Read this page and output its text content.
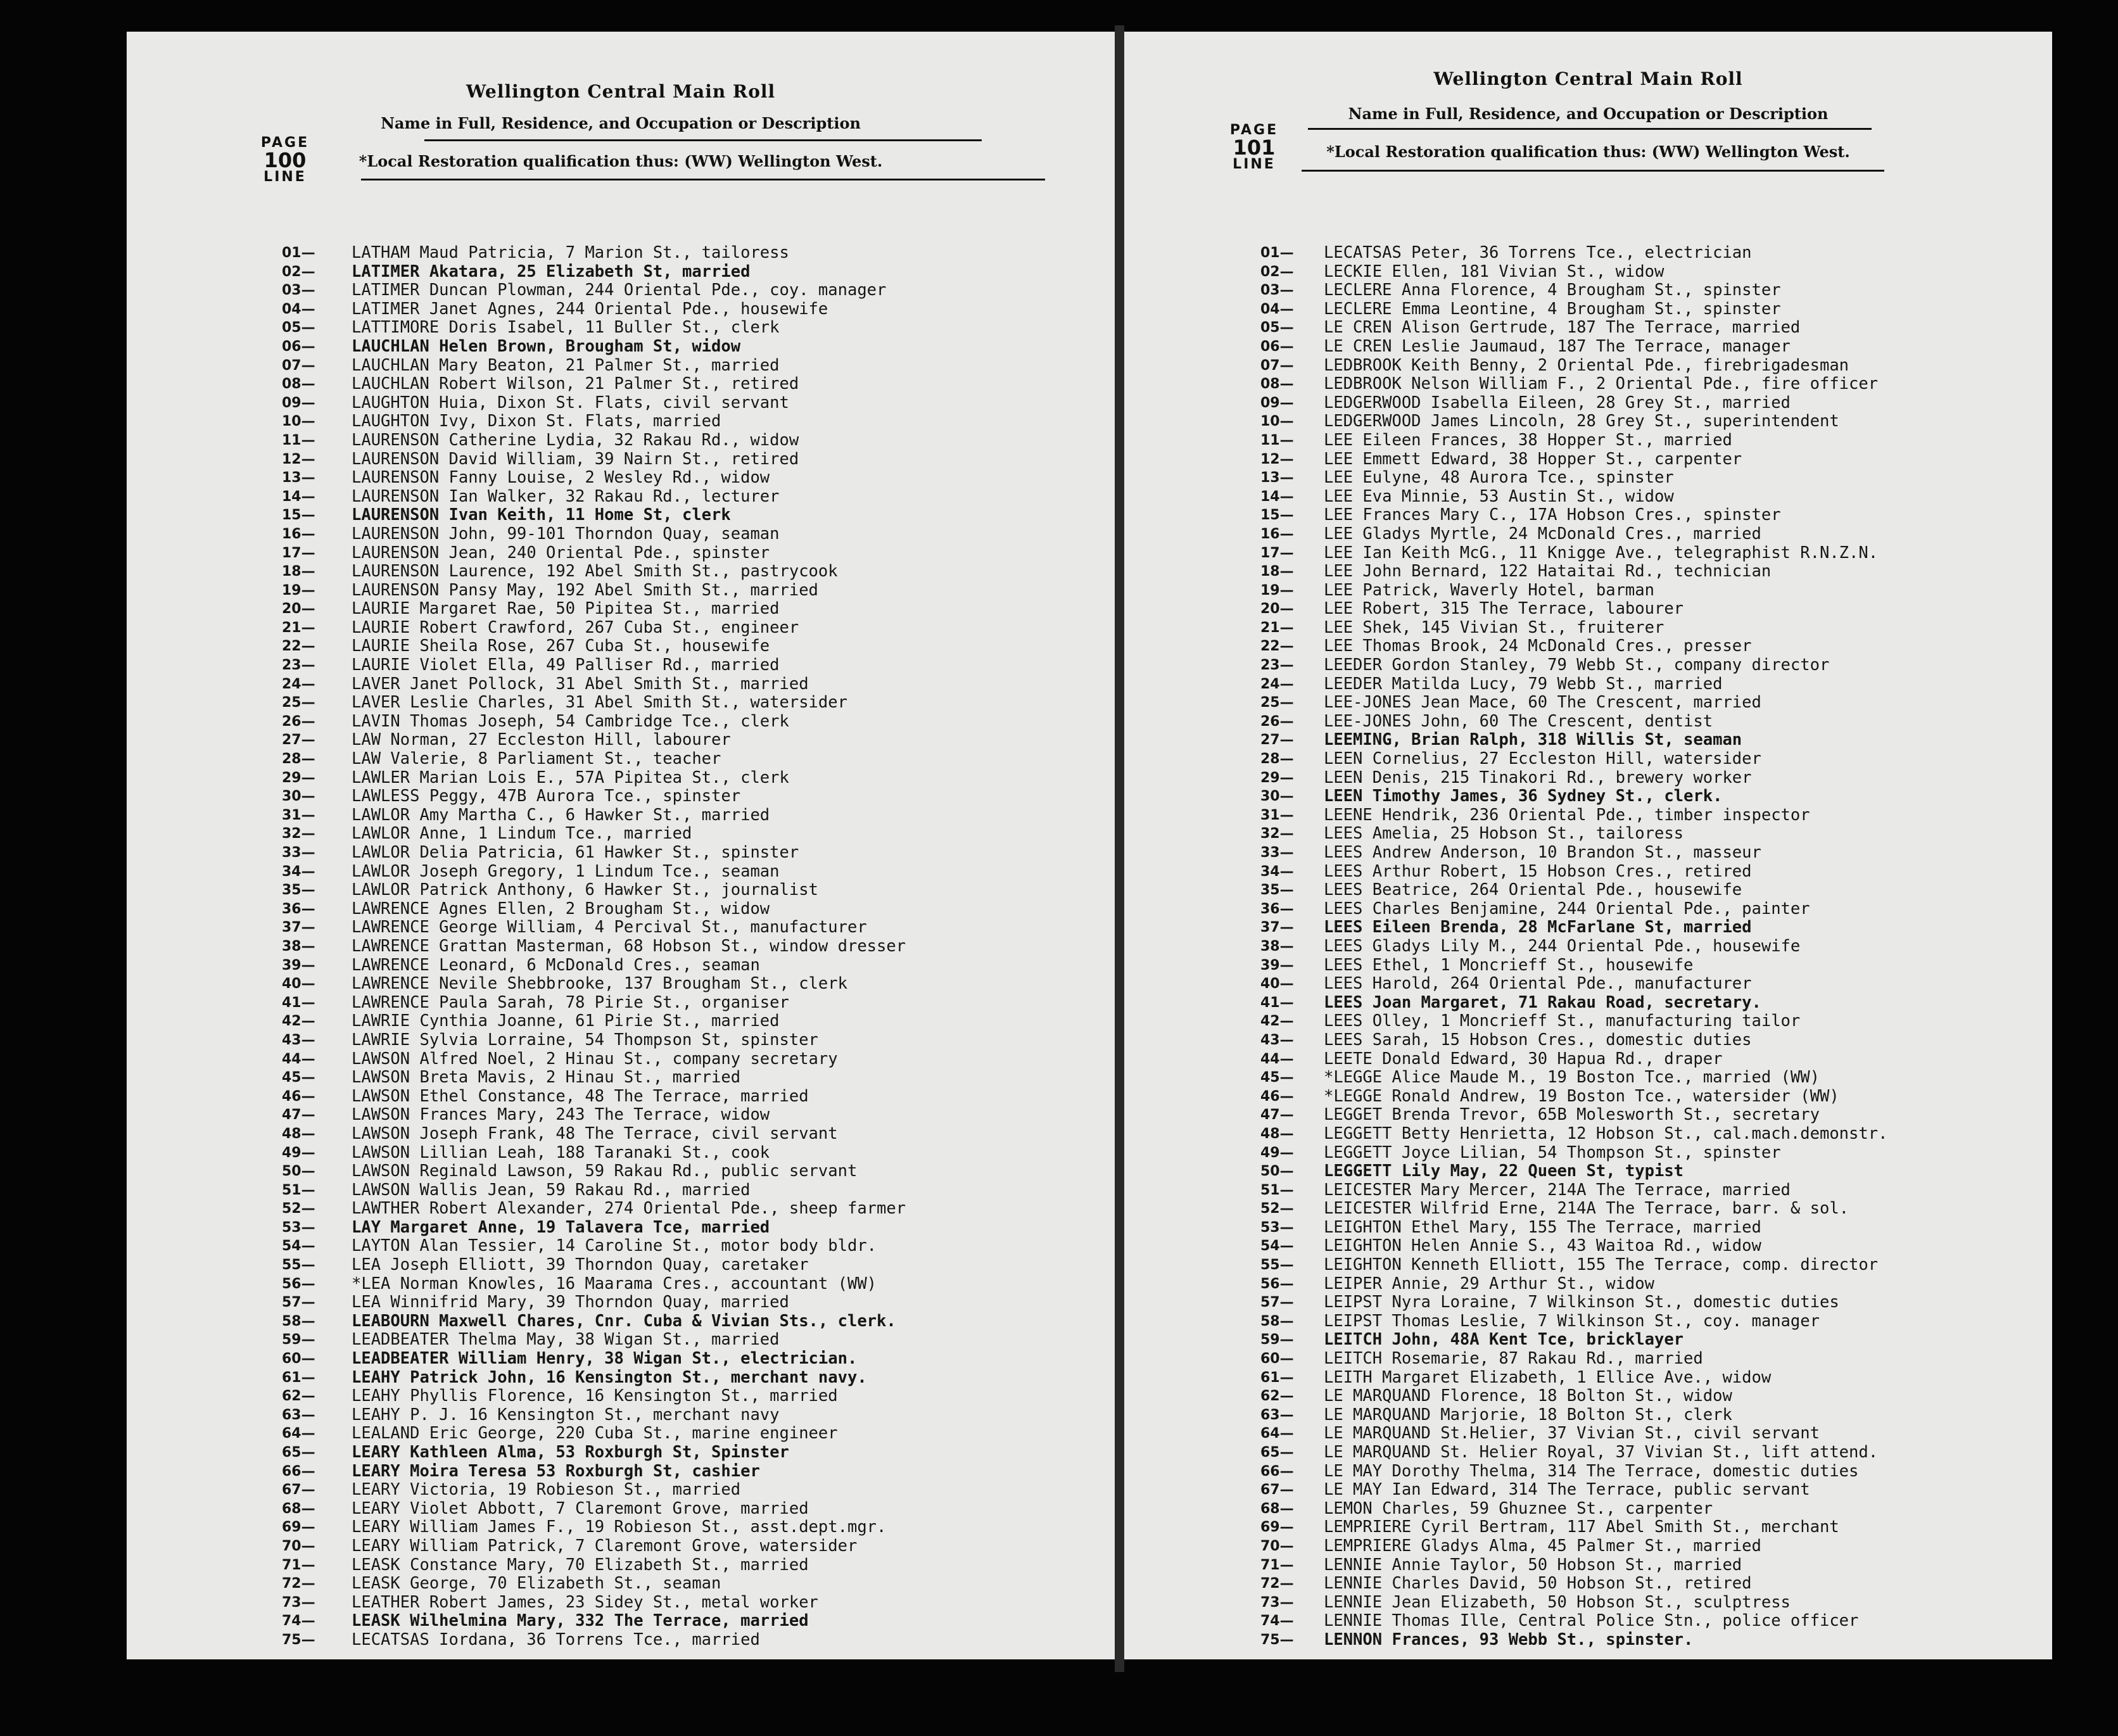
Wellington Central Main Roll
Name in Full, Residence, and Occupation or Description
*Local Restoration qualification thus: (WW) Wellington West.
PAGE
100
LINE
01— LATHAM Maud Patricia, 7 Marion St., tailoress
02— LATIMER Akatara, 25 Elizabeth St, married
03— LATIMER Duncan Plowman, 244 Oriental Pde., coy. manager
04— LATIMER Janet Agnes, 244 Oriental Pde., housewife
05— LATTIMORE Doris Isabel, 11 Buller St., clerk
06— LAUCHLAN Helen Brown, Brougham St, widow
07— LAUCHLAN Mary Beaton, 21 Palmer St., married
08— LAUCHLAN Robert Wilson, 21 Palmer St., retired
09— LAUGHTON Huia, Dixon St. Flats, civil servant
10— LAUGHTON Ivy, Dixon St. Flats, married
11— LAURENSON Catherine Lydia, 32 Rakau Rd., widow
12— LAURENSON David William, 39 Nairn St., retired
13— LAURENSON Fanny Louise, 2 Wesley Rd., widow
14— LAURENSON Ian Walker, 32 Rakau Rd., lecturer
15— LAURENSON Ivan Keith, 11 Home St, clerk
16— LAURENSON John, 99-101 Thorndon Quay, seaman
17— LAURENSON Jean, 240 Oriental Pde., spinster
18— LAURENSON Laurence, 192 Abel Smith St., pastrycook
19— LAURENSON Pansy May, 192 Abel Smith St., married
20— LAURIE Margaret Rae, 50 Pipitea St., married
21— LAURIE Robert Crawford, 267 Cuba St., engineer
22— LAURIE Sheila Rose, 267 Cuba St., housewife
23— LAURIE Violet Ella, 49 Palliser Rd., married
24— LAVER Janet Pollock, 31 Abel Smith St., married
25— LAVER Leslie Charles, 31 Abel Smith St., watersider
26— LAVIN Thomas Joseph, 54 Cambridge Tce., clerk
27— LAW Norman, 27 Eccleston Hill, labourer
28— LAW Valerie, 8 Parliament St., teacher
29— LAWLER Marian Lois E., 57A Pipitea St., clerk
30— LAWLESS Peggy, 47B Aurora Tce., spinster
31— LAWLOR Amy Martha C., 6 Hawker St., married
32— LAWLOR Anne, 1 Lindum Tce., married
33— LAWLOR Delia Patricia, 61 Hawker St., spinster
34— LAWLOR Joseph Gregory, 1 Lindum Tce., seaman
35— LAWLOR Patrick Anthony, 6 Hawker St., journalist
36— LAWRENCE Agnes Ellen, 2 Brougham St., widow
37— LAWRENCE George William, 4 Percival St., manufacturer
38— LAWRENCE Grattan Masterman, 68 Hobson St., window dresser
39— LAWRENCE Leonard, 6 McDonald Cres., seaman
40— LAWRENCE Nevile Shebbrooke, 137 Brougham St., clerk
41— LAWRENCE Paula Sarah, 78 Pirie St., organiser
42— LAWRIE Cynthia Joanne, 61 Pirie St., married
43— LAWRIE Sylvia Lorraine, 54 Thompson St, spinster
44— LAWSON Alfred Noel, 2 Hinau St., company secretary
45— LAWSON Breta Mavis, 2 Hinau St., married
46— LAWSON Ethel Constance, 48 The Terrace, married
47— LAWSON Frances Mary, 243 The Terrace, widow
48— LAWSON Joseph Frank, 48 The Terrace, civil servant
49— LAWSON Lillian Leah, 188 Taranaki St., cook
50— LAWSON Reginald Lawson, 59 Rakau Rd., public servant
51— LAWSON Wallis Jean, 59 Rakau Rd., married
52— LAWTHER Robert Alexander, 274 Oriental Pde., sheep farmer
53— LAY Margaret Anne, 19 Talavera Tce, married
54— LAYTON Alan Tessier, 14 Caroline St., motor body bldr.
55— LEA Joseph Elliott, 39 Thorndon Quay, caretaker
56— *LEA Norman Knowles, 16 Maarama Cres., accountant (WW)
57— LEA Winnifrid Mary, 39 Thorndon Quay, married
58— LEABOURN Maxwell Chares, Cnr. Cuba & Vivian Sts., clerk.
59— LEADBEATER Thelma May, 38 Wigan St., married
60— LEADBEATER William Henry, 38 Wigan St., electrician.
61— LEAHY Patrick John, 16 Kensington St., merchant navy.
62— LEAHY Phyllis Florence, 16 Kensington St., married
63— LEAHY P. J. 16 Kensington St., merchant navy
64— LEALAND Eric George, 220 Cuba St., marine engineer
65— LEARY Kathleen Alma, 53 Roxburgh St, Spinster
66— LEARY Moira Teresa 53 Roxburgh St, cashier
67— LEARY Victoria, 19 Robieson St., married
68— LEARY Violet Abbott, 7 Claremont Grove, married
69— LEARY William James F., 19 Robieson St., asst.dept.mgr.
70— LEARY William Patrick, 7 Claremont Grove, watersider
71— LEASK Constance Mary, 70 Elizabeth St., married
72— LEASK George, 70 Elizabeth St., seaman
73— LEATHER Robert James, 23 Sidey St., metal worker
74— LEASK Wilhelmina Mary, 332 The Terrace, married
75— LECATSAS Iordana, 36 Torrens Tce., married
Wellington Central Main Roll
Name in Full, Residence, and Occupation or Description
*Local Restoration qualification thus: (WW) Wellington West.
PAGE
101
LINE
01— LECATSAS Peter, 36 Torrens Tce., electrician
02— LECKIE Ellen, 181 Vivian St., widow
03— LECLERE Anna Florence, 4 Brougham St., spinster
04— LECLERE Emma Leontine, 4 Brougham St., spinster
05— LE CREN Alison Gertrude, 187 The Terrace, married
06— LE CREN Leslie Jaumaud, 187 The Terrace, manager
07— LEDBROOK Keith Benny, 2 Oriental Pde., firebrigadesman
08— LEDBROOK Nelson William F., 2 Oriental Pde., fire officer
09— LEDGERWOOD Isabella Eileen, 28 Grey St., married
10— LEDGERWOOD James Lincoln, 28 Grey St., superintendent
11— LEE Eileen Frances, 38 Hopper St., married
12— LEE Emmett Edward, 38 Hopper St., carpenter
13— LEE Eulyne, 48 Aurora Tce., spinster
14— LEE Eva Minnie, 53 Austin St., widow
15— LEE Frances Mary C., 17A Hobson Cres., spinster
16— LEE Gladys Myrtle, 24 McDonald Cres., married
17— LEE Ian Keith McG., 11 Knigge Ave., telegraphist R.N.Z.N.
18— LEE John Bernard, 122 Hataitai Rd., technician
19— LEE Patrick, Waverly Hotel, barman
20— LEE Robert, 315 The Terrace, labourer
21— LEE Shek, 145 Vivian St., fruiterer
22— LEE Thomas Brook, 24 McDonald Cres., presser
23— LEEDER Gordon Stanley, 79 Webb St., company director
24— LEEDER Matilda Lucy, 79 Webb St., married
25— LEE-JONES Jean Mace, 60 The Crescent, married
26— LEE-JONES John, 60 The Crescent, dentist
27— LEEMING, Brian Ralph, 318 Willis St, seaman
28— LEEN Cornelius, 27 Eccleston Hill, watersider
29— LEEN Denis, 215 Tinakori Rd., brewery worker
30— LEEN Timothy James, 36 Sydney St., clerk.
31— LEENE Hendrik, 236 Oriental Pde., timber inspector
32— LEES Amelia, 25 Hobson St., tailoress
33— LEES Andrew Anderson, 10 Brandon St., masseur
34— LEES Arthur Robert, 15 Hobson Cres., retired
35— LEES Beatrice, 264 Oriental Pde., housewife
36— LEES Charles Benjamine, 244 Oriental Pde., painter
37— LEES Eileen Brenda, 28 McFarlane St, married
38— LEES Gladys Lily M., 244 Oriental Pde., housewife
39— LEES Ethel, 1 Moncrieff St., housewife
40— LEES Harold, 264 Oriental Pde., manufacturer
41— LEES Joan Margaret, 71 Rakau Road, secretary.
42— LEES Olley, 1 Moncrieff St., manufacturing tailor
43— LEES Sarah, 15 Hobson Cres., domestic duties
44— LEETE Donald Edward, 30 Hapua Rd., draper
45— *LEGGE Alice Maude M., 19 Boston Tce., married (WW)
46— *LEGGE Ronald Andrew, 19 Boston Tce., watersider (WW)
47— LEGGET Brenda Trevor, 65B Molesworth St., secretary
48— LEGGETT Betty Henrietta, 12 Hobson St., cal.mach.demonstr.
49— LEGGETT Joyce Lilian, 54 Thompson St., spinster
50— LEGGETT Lily May, 22 Queen St, typist
51— LEICESTER Mary Mercer, 214A The Terrace, married
52— LEICESTER Wilfrid Erne, 214A The Terrace, barr. & sol.
53— LEIGHTON Ethel Mary, 155 The Terrace, married
54— LEIGHTON Helen Annie S., 43 Waitoa Rd., widow
55— LEIGHTON Kenneth Elliott, 155 The Terrace, comp. director
56— LEIPER Annie, 29 Arthur St., widow
57— LEIPST Nyra Loraine, 7 Wilkinson St., domestic duties
58— LEIPST Thomas Leslie, 7 Wilkinson St., coy. manager
59— LEITCH John, 48A Kent Tce, bricklayer
60— LEITCH Rosemarie, 87 Rakau Rd., married
61— LEITH Margaret Elizabeth, 1 Ellice Ave., widow
62— LE MARQUAND Florence, 18 Bolton St., widow
63— LE MARQUAND Marjorie, 18 Bolton St., clerk
64— LE MARQUAND St.Helier, 37 Vivian St., civil servant
65— LE MARQUAND St. Helier Royal, 37 Vivian St., lift attend.
66— LE MAY Dorothy Thelma, 314 The Terrace, domestic duties
67— LE MAY Ian Edward, 314 The Terrace, public servant
68— LEMON Charles, 59 Ghuznee St., carpenter
69— LEMPRIERE Cyril Bertram, 117 Abel Smith St., merchant
70— LEMPRIERE Gladys Alma, 45 Palmer St., married
71— LENNIE Annie Taylor, 50 Hobson St., married
72— LENNIE Charles David, 50 Hobson St., retired
73— LENNIE Jean Elizabeth, 50 Hobson St., sculptress
74— LENNIE Thomas Ille, Central Police Stn., police officer
75— LENNON Frances, 93 Webb St., spinster.
